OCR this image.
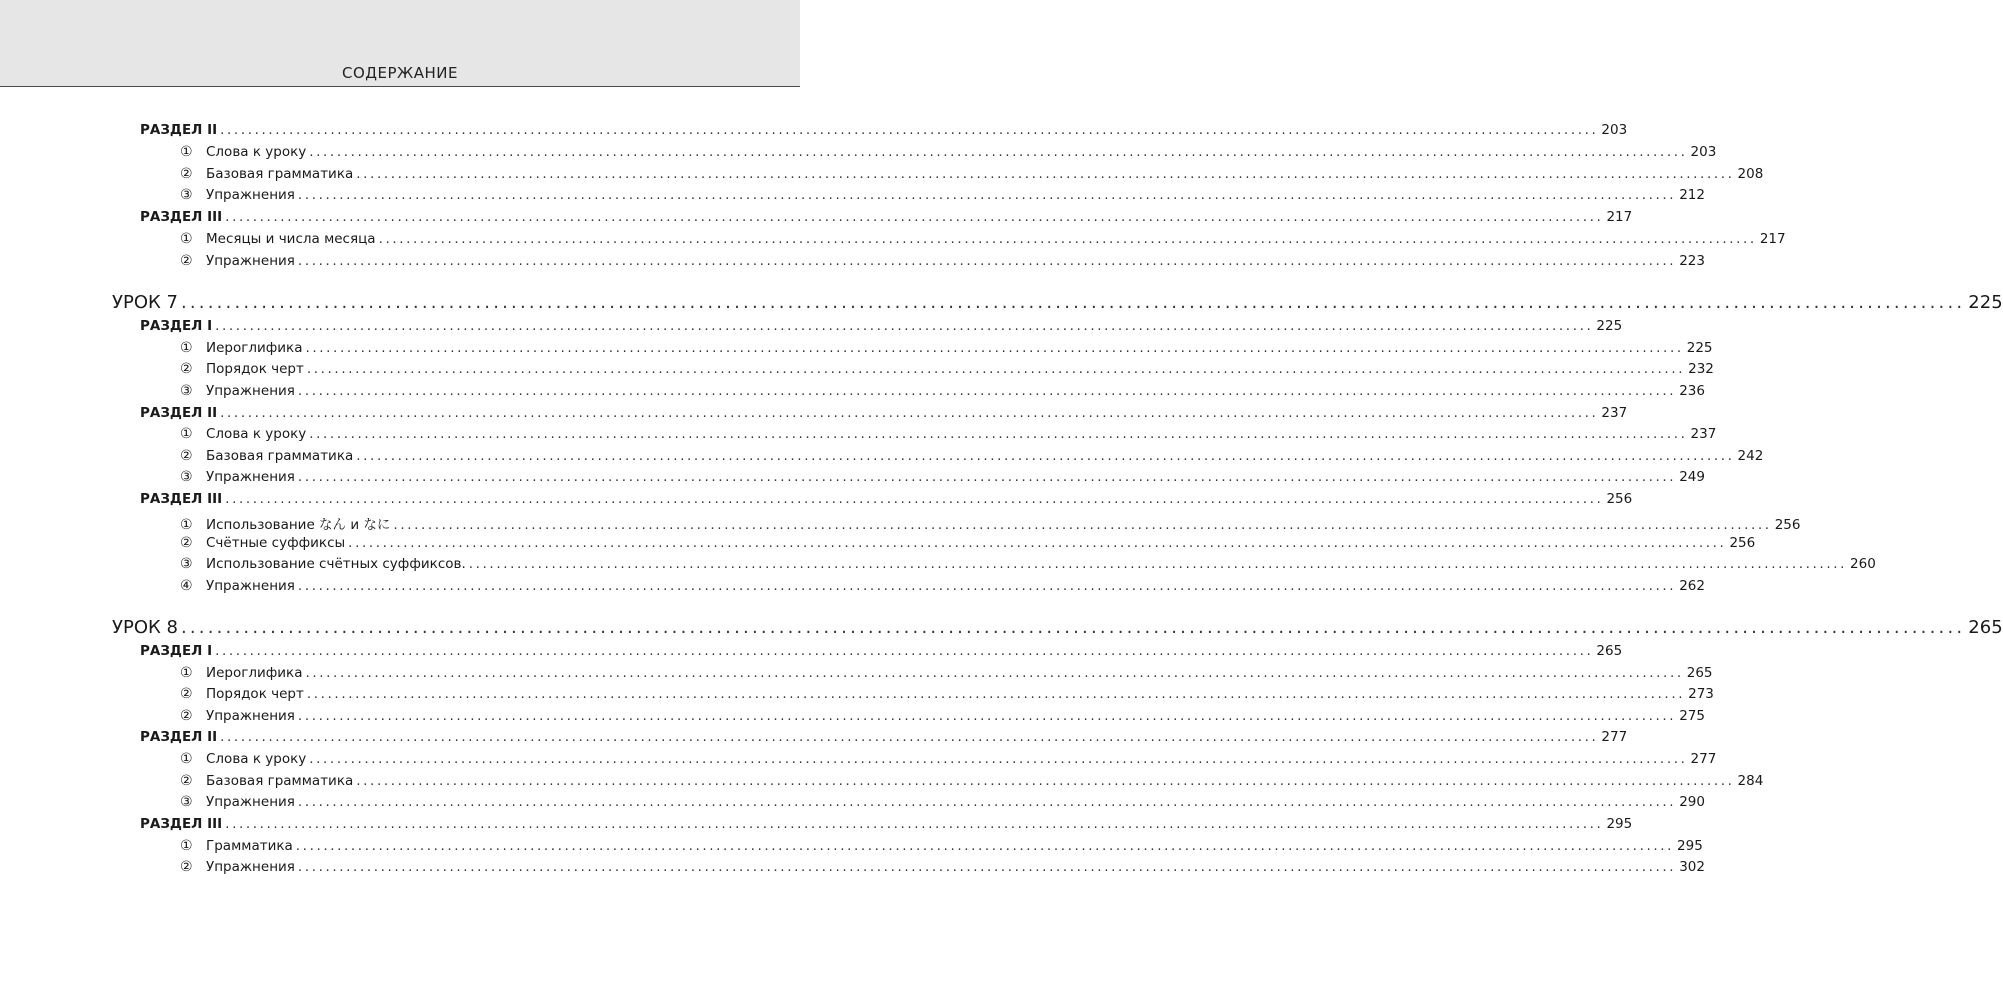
СОДЕРЖАНИЕ
РАЗДЕЛ II ........................................................................................................................................................................................................ 203
① Слова к уроку ........................................................................................................................................................................................................ 203
② Базовая грамматика ........................................................................................................................................................................................................ 208
③ Упражнения ........................................................................................................................................................................................................ 212
РАЗДЕЛ III ........................................................................................................................................................................................................ 217
① Месяцы и числа месяца ........................................................................................................................................................................................................ 217
② Упражнения ........................................................................................................................................................................................................ 223
УРОК 7 ........................................................................................................................................................................................................ 225
РАЗДЕЛ I ........................................................................................................................................................................................................ 225
① Иероглифика ........................................................................................................................................................................................................ 225
② Порядок черт ........................................................................................................................................................................................................ 232
③ Упражнения ........................................................................................................................................................................................................ 236
РАЗДЕЛ II ........................................................................................................................................................................................................ 237
① Слова к уроку ........................................................................................................................................................................................................ 237
② Базовая грамматика ........................................................................................................................................................................................................ 242
③ Упражнения ........................................................................................................................................................................................................ 249
РАЗДЕЛ III ........................................................................................................................................................................................................ 256
① Использование なん и なに ........................................................................................................................................................................................................ 256
② Счётные суффиксы ........................................................................................................................................................................................................ 256
③ Использование счётных суффиксов. ........................................................................................................................................................................................................ 260
④ Упражнения ........................................................................................................................................................................................................ 262
УРОК 8 ........................................................................................................................................................................................................ 265
РАЗДЕЛ I ........................................................................................................................................................................................................ 265
① Иероглифика ........................................................................................................................................................................................................ 265
② Порядок черт ........................................................................................................................................................................................................ 273
② Упражнения ........................................................................................................................................................................................................ 275
РАЗДЕЛ II ........................................................................................................................................................................................................ 277
① Слова к уроку ........................................................................................................................................................................................................ 277
② Базовая грамматика ........................................................................................................................................................................................................ 284
③ Упражнения ........................................................................................................................................................................................................ 290
РАЗДЕЛ III ........................................................................................................................................................................................................ 295
① Грамматика ........................................................................................................................................................................................................ 295
② Упражнения ........................................................................................................................................................................................................ 302
